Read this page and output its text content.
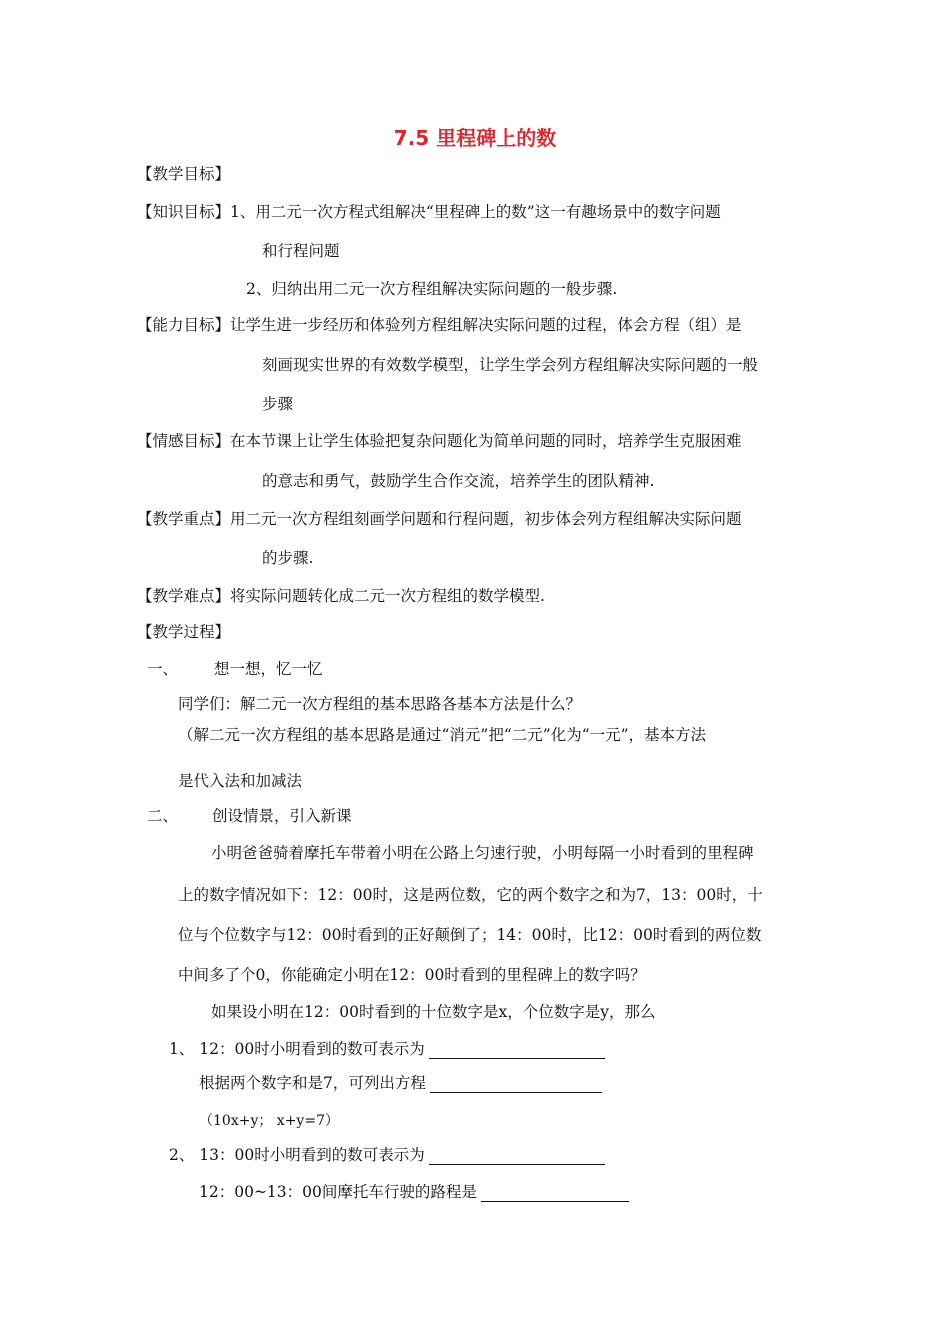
7.5 里程碑上的数
【教学目标】
【知识目标】1、用二元一次方程式组解决“里程碑上的数”这一有趣场景中的数字问题
和行程问题
2、归纳出用二元一次方程组解决实际问题的一般步骤.
【能力目标】让学生进一步经历和体验列方程组解决实际问题的过程，体会方程（组）是
刻画现实世界的有效数学模型，让学生学会列方程组解决实际问题的一般
步骤
【情感目标】在本节课上让学生体验把复杂问题化为简单问题的同时，培养学生克服困难
的意志和勇气，鼓励学生合作交流，培养学生的团队精神.
【教学重点】用二元一次方程组刻画学问题和行程问题，初步体会列方程组解决实际问题
的步骤.
【教学难点】将实际问题转化成二元一次方程组的数学模型.
【教学过程】
一、 想一想，忆一忆
同学们：解二元一次方程组的基本思路各基本方法是什么？
（解二元一次方程组的基本思路是通过“消元”把“二元”化为“一元”，基本方法
是代入法和加减法
二、 创设情景，引入新课
小明爸爸骑着摩托车带着小明在公路上匀速行驶，小明每隔一小时看到的里程碑
上的数字情况如下：12：00时，这是两位数，它的两个数字之和为7，13：00时，十
位与个位数字与12：00时看到的正好颠倒了；14：00时，比12：00时看到的两位数
中间多了个0，你能确定小明在12：00时看到的里程碑上的数字吗？
如果设小明在12：00时看到的十位数字是x，个位数字是y，那么
1、 12：00时小明看到的数可表示为
根据两个数字和是7，可列出方程
（10x+y； x+y=7）
2、 13：00时小明看到的数可表示为
12：00~13：00间摩托车行驶的路程是
